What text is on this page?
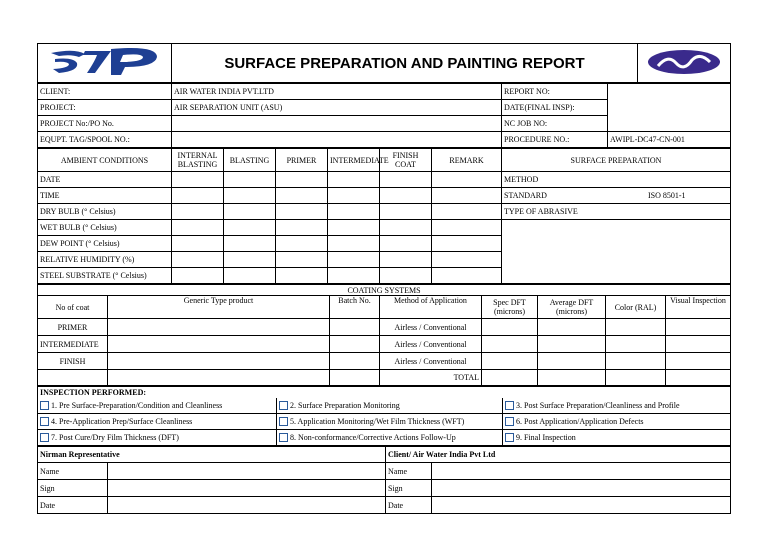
	SURFACE PREPARATION AND PAINTING REPORT	
CLIENT:	AIR WATER INDIA PVT.LTD	REPORT NO:	
PROJECT:	AIR SEPARATION UNIT (ASU)	DATE(FINAL INSP):	
PROJECT No:/PO No.		NC JOB NO:	
EQUPT. TAG/SPOOL NO.:		PROCEDURE NO.:	AWIPL-DC47-CN-001
AMBIENT CONDITIONS	INTERNAL BLASTING	BLASTING	PRIMER	INTERMEDIATE	FINISH COAT	REMARK	SURFACE PREPARATION
DATE							METHOD
TIME							STANDARD ISO 8501-1

DRY BULB (° Celsius)							TYPE OF ABRASIVE
WET BULB (° Celsius)							
DEW POINT (° Celsius)							
RELATIVE HUMIDITY (%)							
STEEL SUBSTRATE (° Celsius)							
COATING SYSTEMS							
No of coat	Generic Type product	Batch No.	Method of Application	Spec DFT (microns)	Average DFT (microns)	Color (RAL)	Visual Inspection
PRIMER			Airless / Conventional				
INTERMEDIATE			Airless / Conventional				
FINISH			Airless / Conventional				
			TOTAL				
INSPECTION PERFORMED:		
1. Pre Surface-Preparation/Condition and Cleanliness	2. Surface Preparation Monitoring	3. Post Surface Preparation/Cleanliness and Profile
4. Pre-Application Prep/Surface Cleanliness	5. Application Monitoring/Wet Film Thickness (WFT)	6. Post Application/Application Defects
7. Post Cure/Dry Film Thickness (DFT)	8. Non-conformance/Corrective Actions Follow-Up	9. Final Inspection
Nirman Representative		Client/ Air Water India Pvt Ltd	
Name		Name	
Sign		Sign	
Date		Date	
